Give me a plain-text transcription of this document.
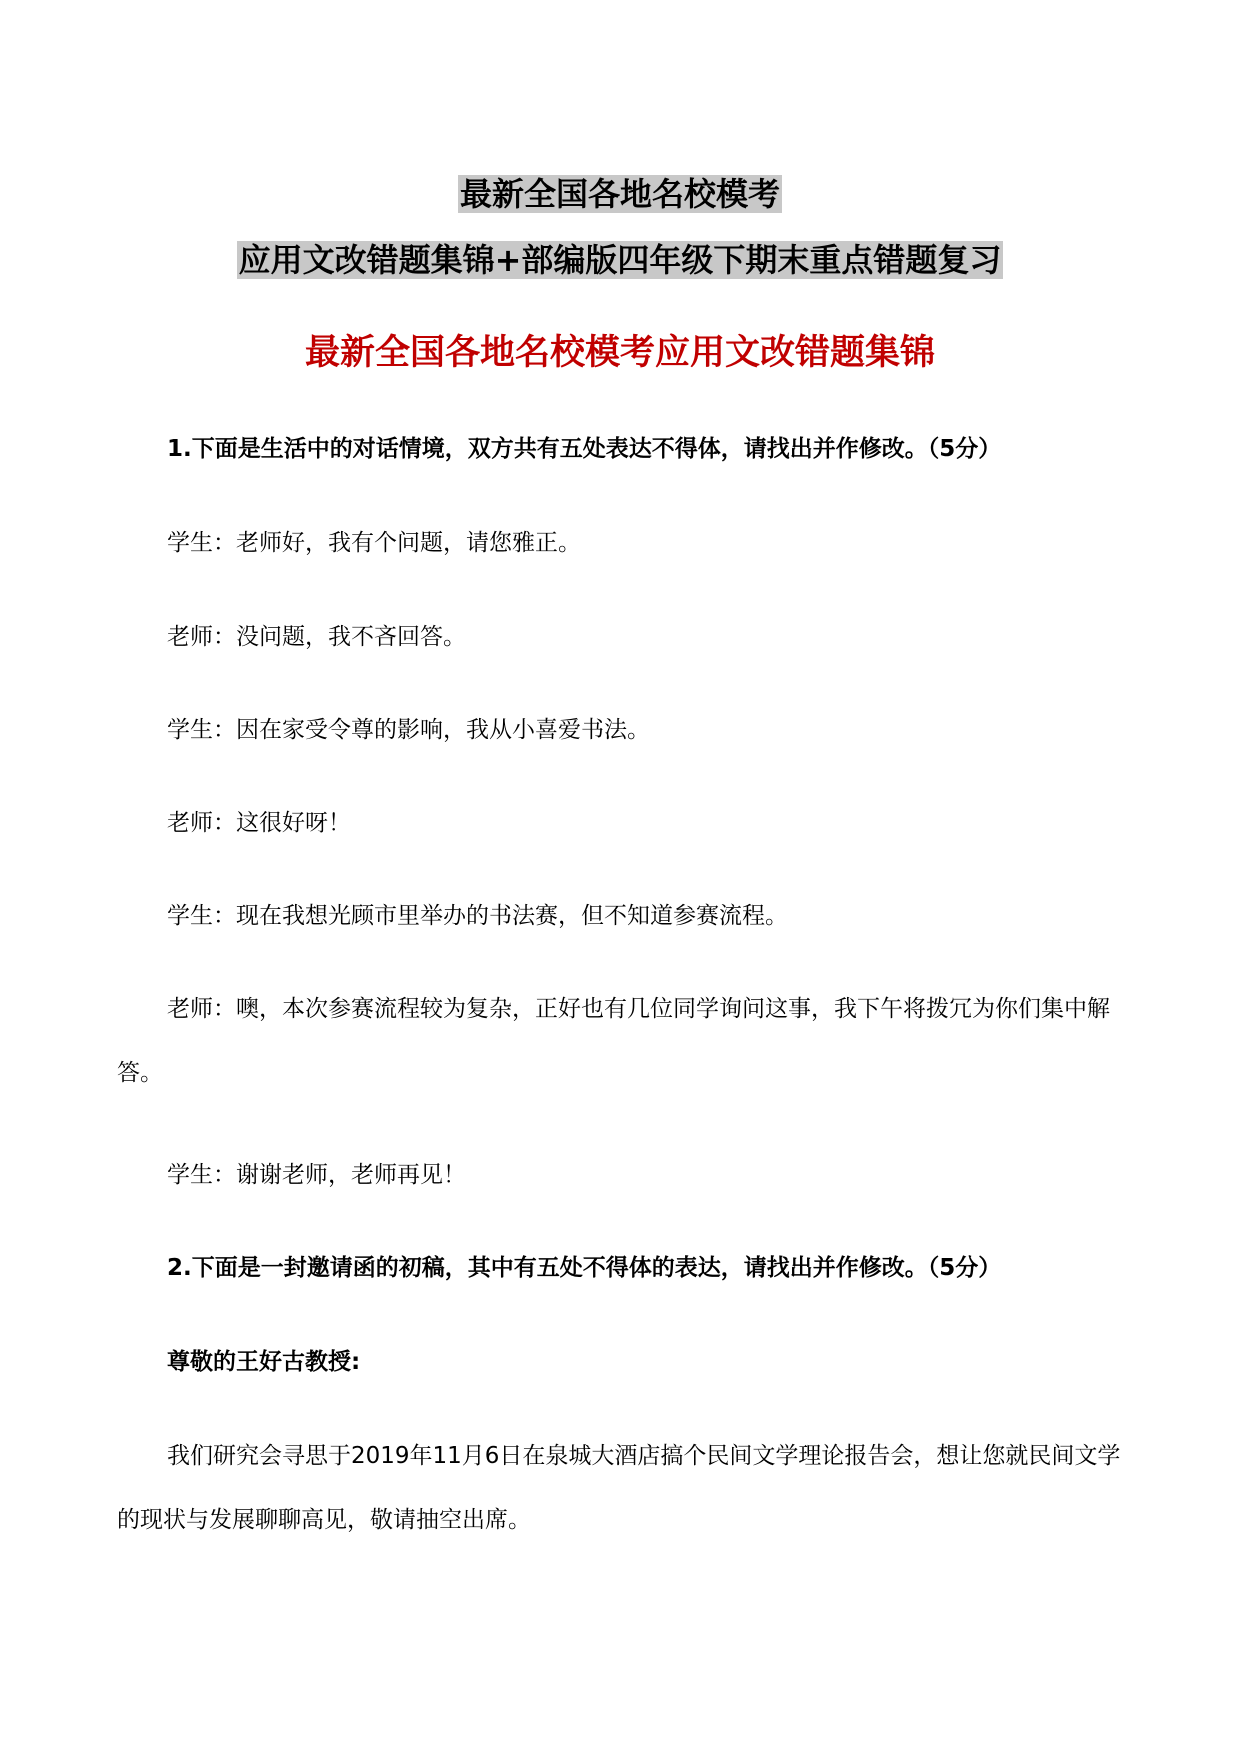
最新全国各地名校模考
应用文改错题集锦+部编版四年级下期末重点错题复习
最新全国各地名校模考应用文改错题集锦
1.下面是生活中的对话情境，双方共有五处表达不得体，请找出并作修改。（5分）
学生：老师好，我有个问题，请您雅正。
老师：没问题，我不吝回答。
学生：因在家受令尊的影响，我从小喜爱书法。
老师：这很好呀！
学生：现在我想光顾市里举办的书法赛，但不知道参赛流程。
老师：噢，本次参赛流程较为复杂，正好也有几位同学询问这事，我下午将拨冗为你们集中解答。
学生：谢谢老师，老师再见！
2.下面是一封邀请函的初稿，其中有五处不得体的表达，请找出并作修改。（5分）
尊敬的王好古教授:
我们研究会寻思于2019年11月6日在泉城大酒店搞个民间文学理论报告会，想让您就民间文学的现状与发展聊聊高见，敬请抽空出席。
